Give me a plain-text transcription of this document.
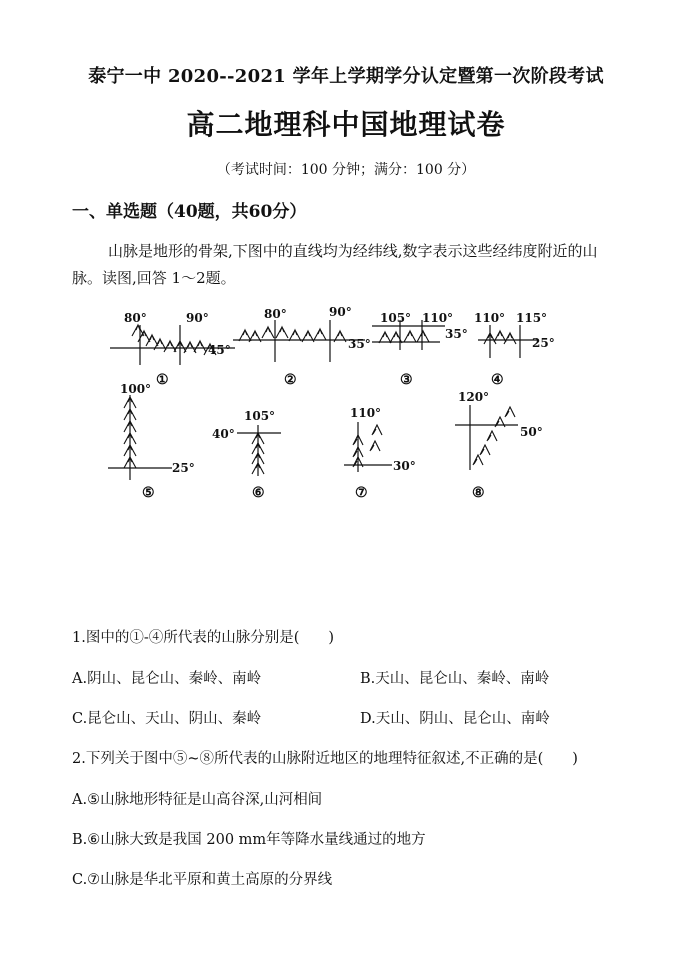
泰宁一中 2020--2021 学年上学期学分认定暨第一次阶段考试
高二地理科中国地理试卷
（考试时间：100 分钟；满分：100 分）
一、单选题（40题，共60分）
山脉是地形的骨架,下图中的直线均为经纬线,数字表示这些经纬度附近的山
脉。读图,回答 1～2题。
80°	90°
45°
①
80°	90°
35°
②
105° 110°
35°
③
110° 115°
25°
④
100°
25°
⑤
105°
40°
⑥
110°
30°
⑦
120°
50°
⑧
1.图中的①-④所代表的山脉分别是(　　)
A.阴山、昆仑山、秦岭、南岭	B.天山、昆仑山、秦岭、南岭
C.昆仑山、天山、阴山、秦岭	D.天山、阴山、昆仑山、南岭
2.下列关于图中⑤~⑧所代表的山脉附近地区的地理特征叙述,不正确的是(　　)
A.⑤山脉地形特征是山高谷深,山河相间
B.⑥山脉大致是我国 200 mm年等降水量线通过的地方
C.⑦山脉是华北平原和黄土高原的分界线
